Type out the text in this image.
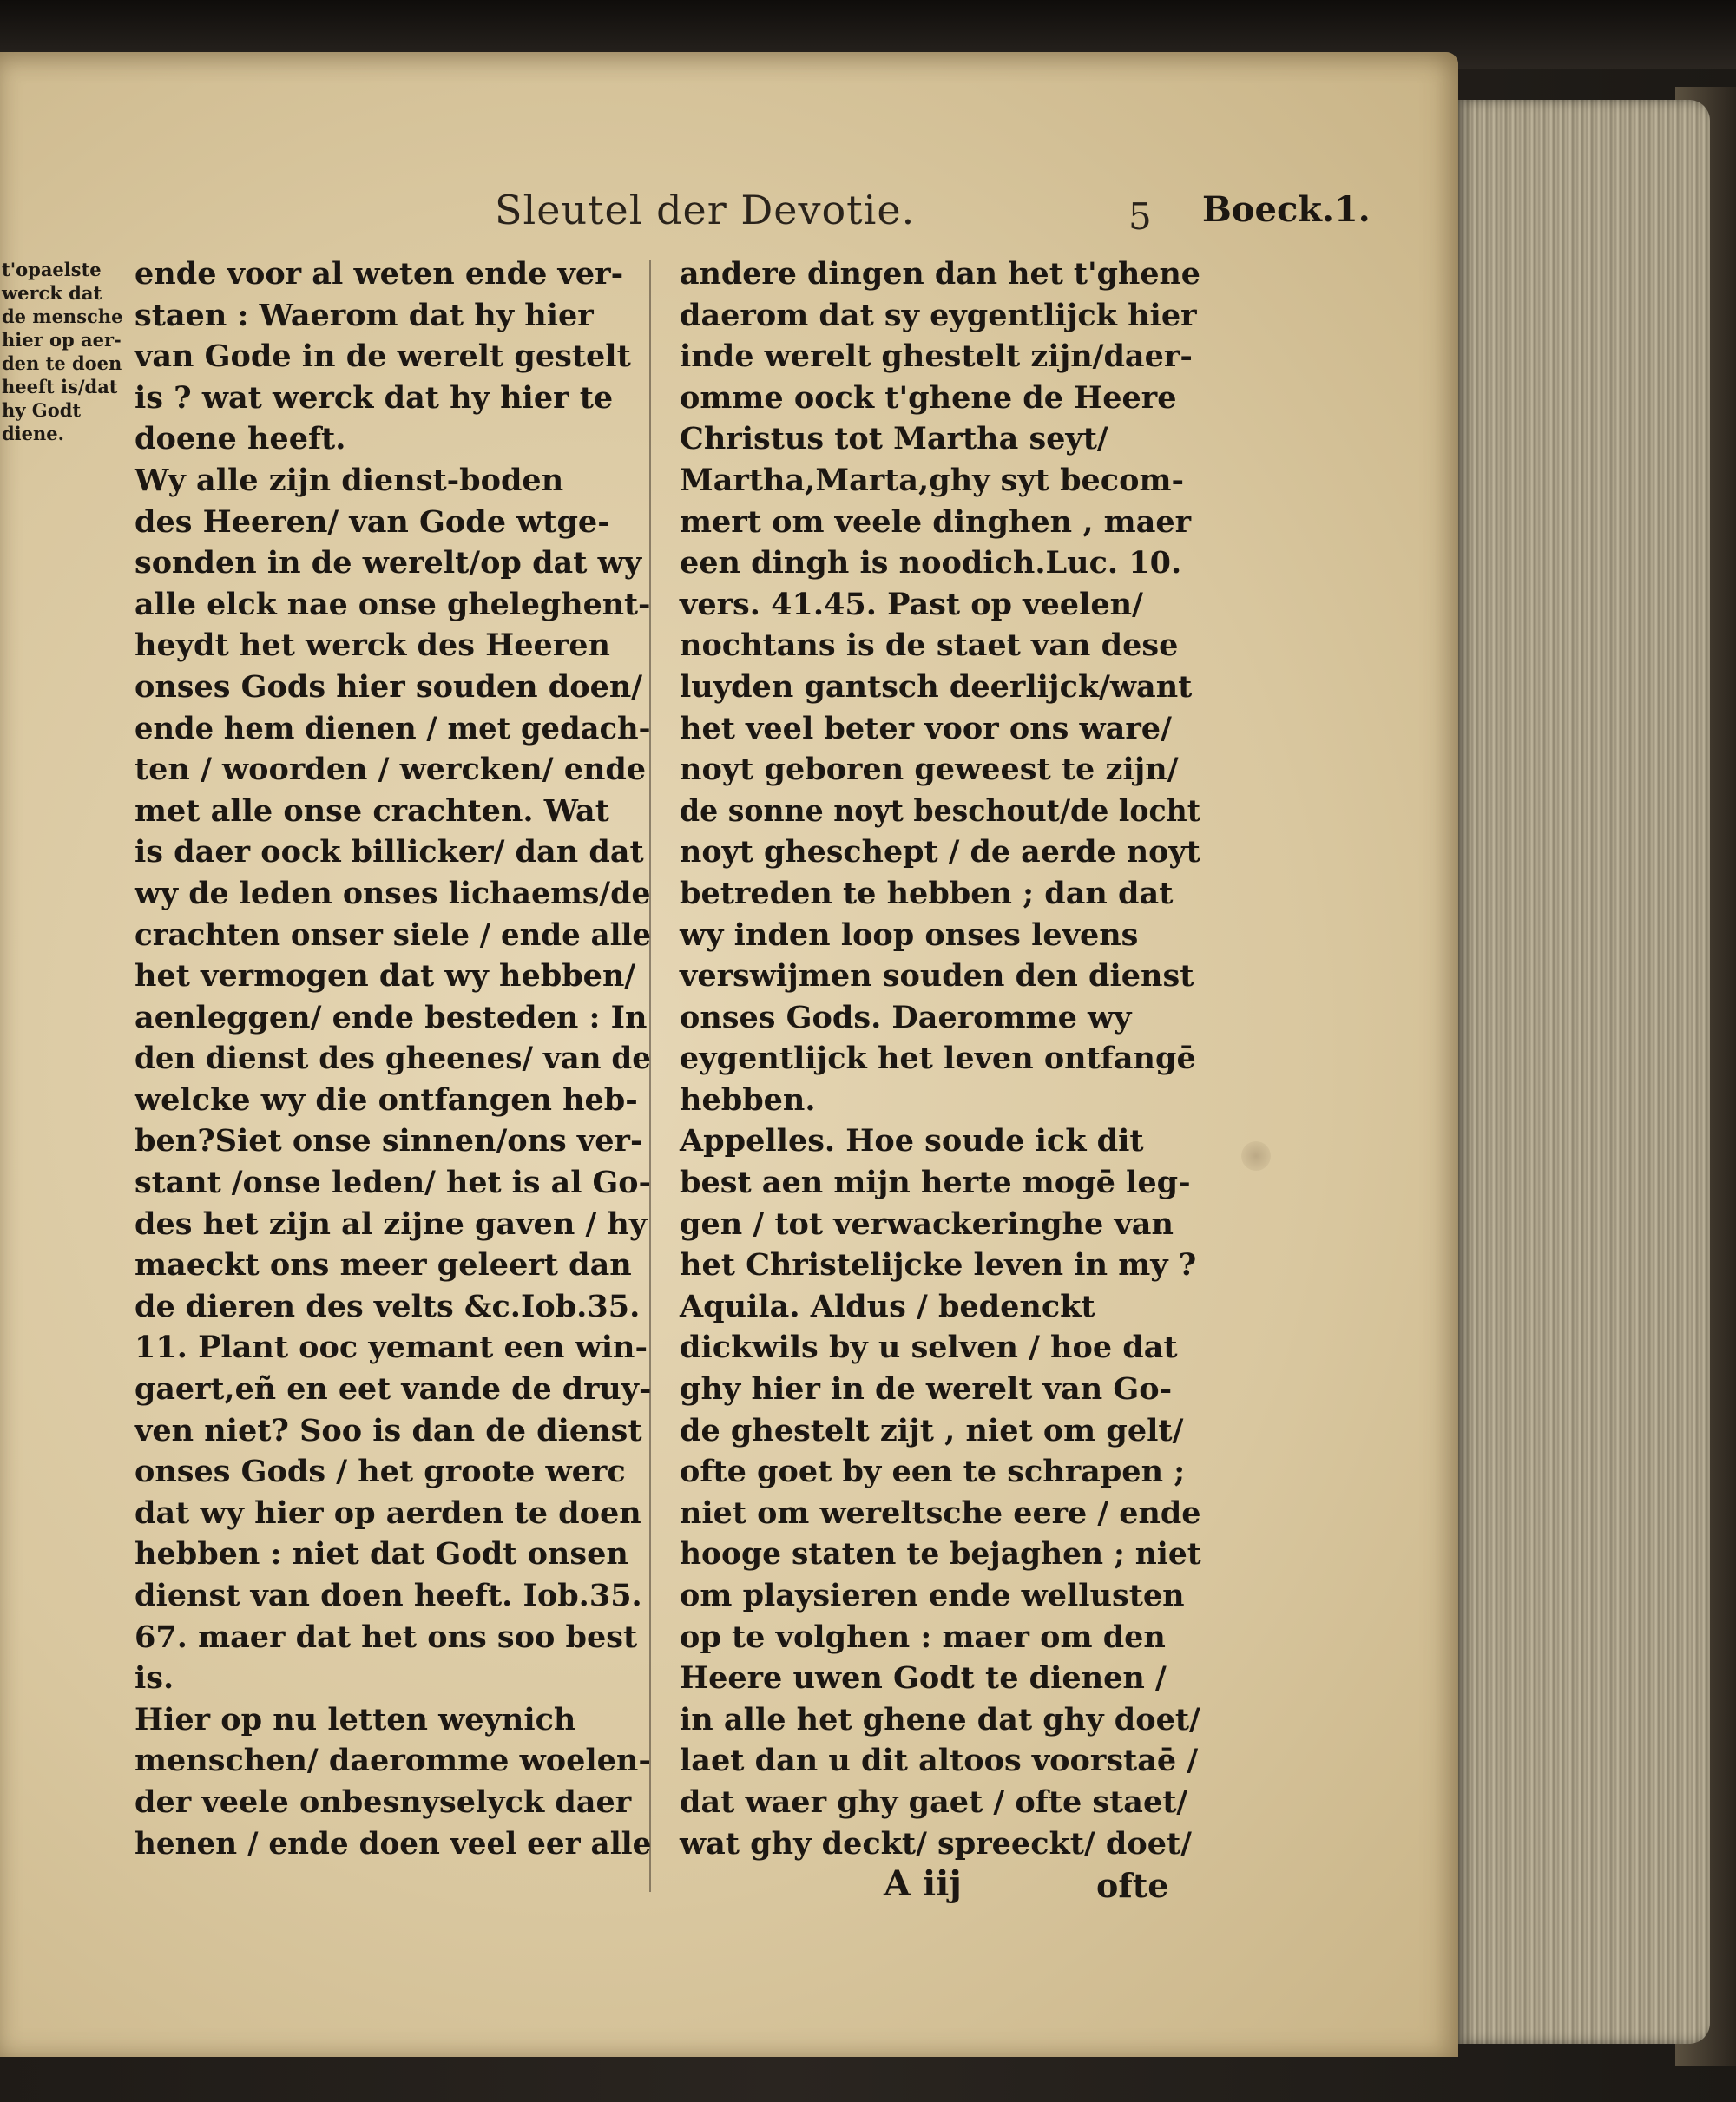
Sleutel der Devotie.	5 Boeck.1.
t'opaelste
werck dat
de mensche
hier op aer-
den te doen
heeft is/dat
hy Godt
diene.
ende voor al weten ende ver-
staen : Waerom dat hy hier
van Gode in de werelt gestelt
is ? wat werck dat hy hier te
doene heeft.
Wy alle zijn dienst-boden
des Heeren/ van Gode wtge-
sonden in de werelt/op dat wy
alle elck nae onse gheleghent-
heydt het werck des Heeren
onses Gods hier souden doen/
ende hem dienen / met gedach-
ten / woorden / wercken/ ende
met alle onse crachten. Wat
is daer oock billicker/ dan dat
wy de leden onses lichaems/de
crachten onser siele / ende alle
het vermogen dat wy hebben/
aenleggen/ ende besteden : In
den dienst des gheenes/ van de
welcke wy die ontfangen heb-
ben?Siet onse sinnen/ons ver-
stant /onse leden/ het is al Go-
des het zijn al zijne gaven / hy
maeckt ons meer geleert dan
de dieren des velts &c.Iob.35.
11. Plant ooc yemant een win-
gaert,eñ en eet vande de druy-
ven niet? Soo is dan de dienst
onses Gods / het groote werc
dat wy hier op aerden te doen
hebben : niet dat Godt onsen
dienst van doen heeft. Iob.35.
67. maer dat het ons soo best
is.
Hier op nu letten weynich
menschen/ daeromme woelen-
der veele onbesnyselyck daer
henen / ende doen veel eer alle
andere dingen dan het t'ghene
daerom dat sy eygentlijck hier
inde werelt ghestelt zijn/daer-
omme oock t'ghene de Heere
Christus tot Martha seyt/
Martha,Marta,ghy syt becom-
mert om veele dinghen , maer
een dingh is noodich.Luc. 10.
vers. 41.45. Past op veelen/
nochtans is de staet van dese
luyden gantsch deerlijck/want
het veel beter voor ons ware/
noyt geboren geweest te zijn/
de sonne noyt beschout/de locht
noyt gheschept / de aerde noyt
betreden te hebben ; dan dat
wy inden loop onses levens
verswijmen souden den dienst
onses Gods. Daeromme wy
eygentlijck het leven ontfangē
hebben.
Appelles. Hoe soude ick dit
best aen mijn herte mogē leg-
gen / tot verwackeringhe van
het Christelijcke leven in my ?
Aquila. Aldus / bedenckt
dickwils by u selven / hoe dat
ghy hier in de werelt van Go-
de ghestelt zijt , niet om gelt/
ofte goet by een te schrapen ;
niet om wereltsche eere / ende
hooge staten te bejaghen ; niet
om playsieren ende wellusten
op te volghen : maer om den
Heere uwen Godt te dienen /
in alle het ghene dat ghy doet/
laet dan u dit altoos voorstaē /
dat waer ghy gaet / ofte staet/
wat ghy deckt/ spreeckt/ doet/
A iij	ofte
